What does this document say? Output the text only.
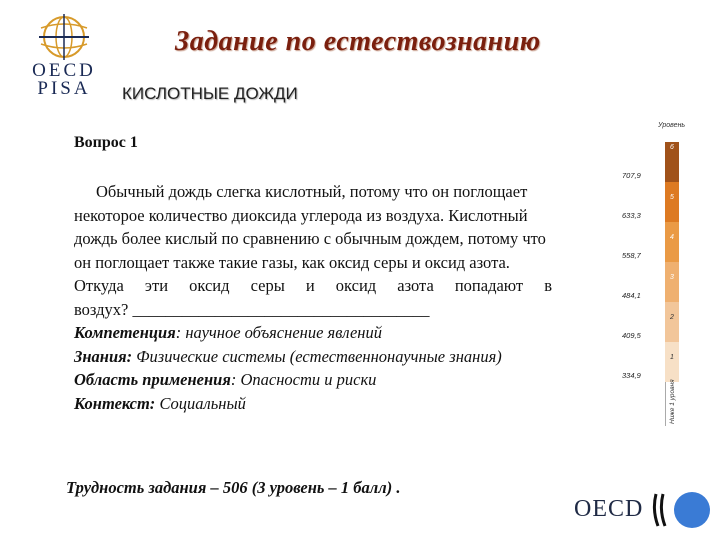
OECD
PISA
Задание по естествознанию
КИСЛОТНЫЕ ДОЖДИ
Вопрос 1

Обычный дождь слегка кислотный, потому что он поглощает некоторое количество диоксида углерода из воздуха. Кислотный дождь более кислый по сравнению с обычным дождем, потому что он поглощает также такие газы, как оксид серы и оксид азота.

Откуда эти оксид серы и оксид азота попадают в

воздух? ____________________________________

Компетенция: научное объяснение явлений

Знания: Физические системы (естественнонаучные знания)

Область применения: Опасности и риски

Контекст: Социальный

Трудность задания – 506 (3 уровень – 1 балл) .
Уровень
6
5
4
3
2
1
707,9
633,3
558,7
484,1
409,5
334,9
Ниже 1 уровня
OECD
